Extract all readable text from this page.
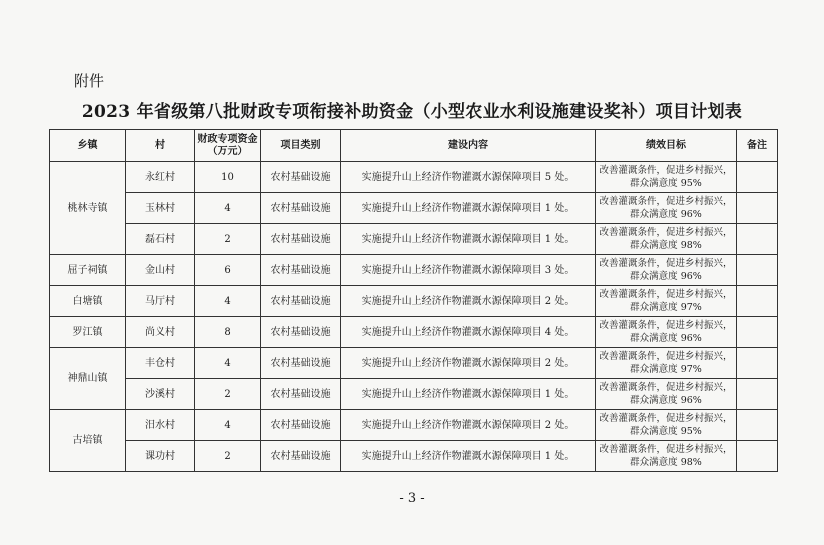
附件
2023 年省级第八批财政专项衔接补助资金（小型农业水利设施建设奖补）项目计划表
乡镇	村	财政专项资金（万元）	项目类别	建设内容	绩效目标	备注
桃林寺镇	永红村	10	农村基础设施	实施提升山上经济作物灌溉水源保障项目 5 处。	改善灌溉条件，促进乡村振兴，群众满意度 95%	
	玉林村	4	农村基础设施	实施提升山上经济作物灌溉水源保障项目 1 处。	改善灌溉条件，促进乡村振兴，群众满意度 96%	
	磊石村	2	农村基础设施	实施提升山上经济作物灌溉水源保障项目 1 处。	改善灌溉条件，促进乡村振兴，群众满意度 98%	
屈子祠镇	金山村	6	农村基础设施	实施提升山上经济作物灌溉水源保障项目 3 处。	改善灌溉条件，促进乡村振兴，群众满意度 96%	
白塘镇	马厅村	4	农村基础设施	实施提升山上经济作物灌溉水源保障项目 2 处。	改善灌溉条件，促进乡村振兴，群众满意度 97%	
罗江镇	尚义村	8	农村基础设施	实施提升山上经济作物灌溉水源保障项目 4 处。	改善灌溉条件，促进乡村振兴，群众满意度 96%	
神鼎山镇	丰仓村	4	农村基础设施	实施提升山上经济作物灌溉水源保障项目 2 处。	改善灌溉条件，促进乡村振兴，群众满意度 97%	
	沙溪村	2	农村基础设施	实施提升山上经济作物灌溉水源保障项目 1 处。	改善灌溉条件，促进乡村振兴，群众满意度 96%	
古培镇	汨水村	4	农村基础设施	实施提升山上经济作物灌溉水源保障项目 2 处。	改善灌溉条件，促进乡村振兴，群众满意度 95%	
	课功村	2	农村基础设施	实施提升山上经济作物灌溉水源保障项目 1 处。	改善灌溉条件，促进乡村振兴，群众满意度 98%	
- 3 -
